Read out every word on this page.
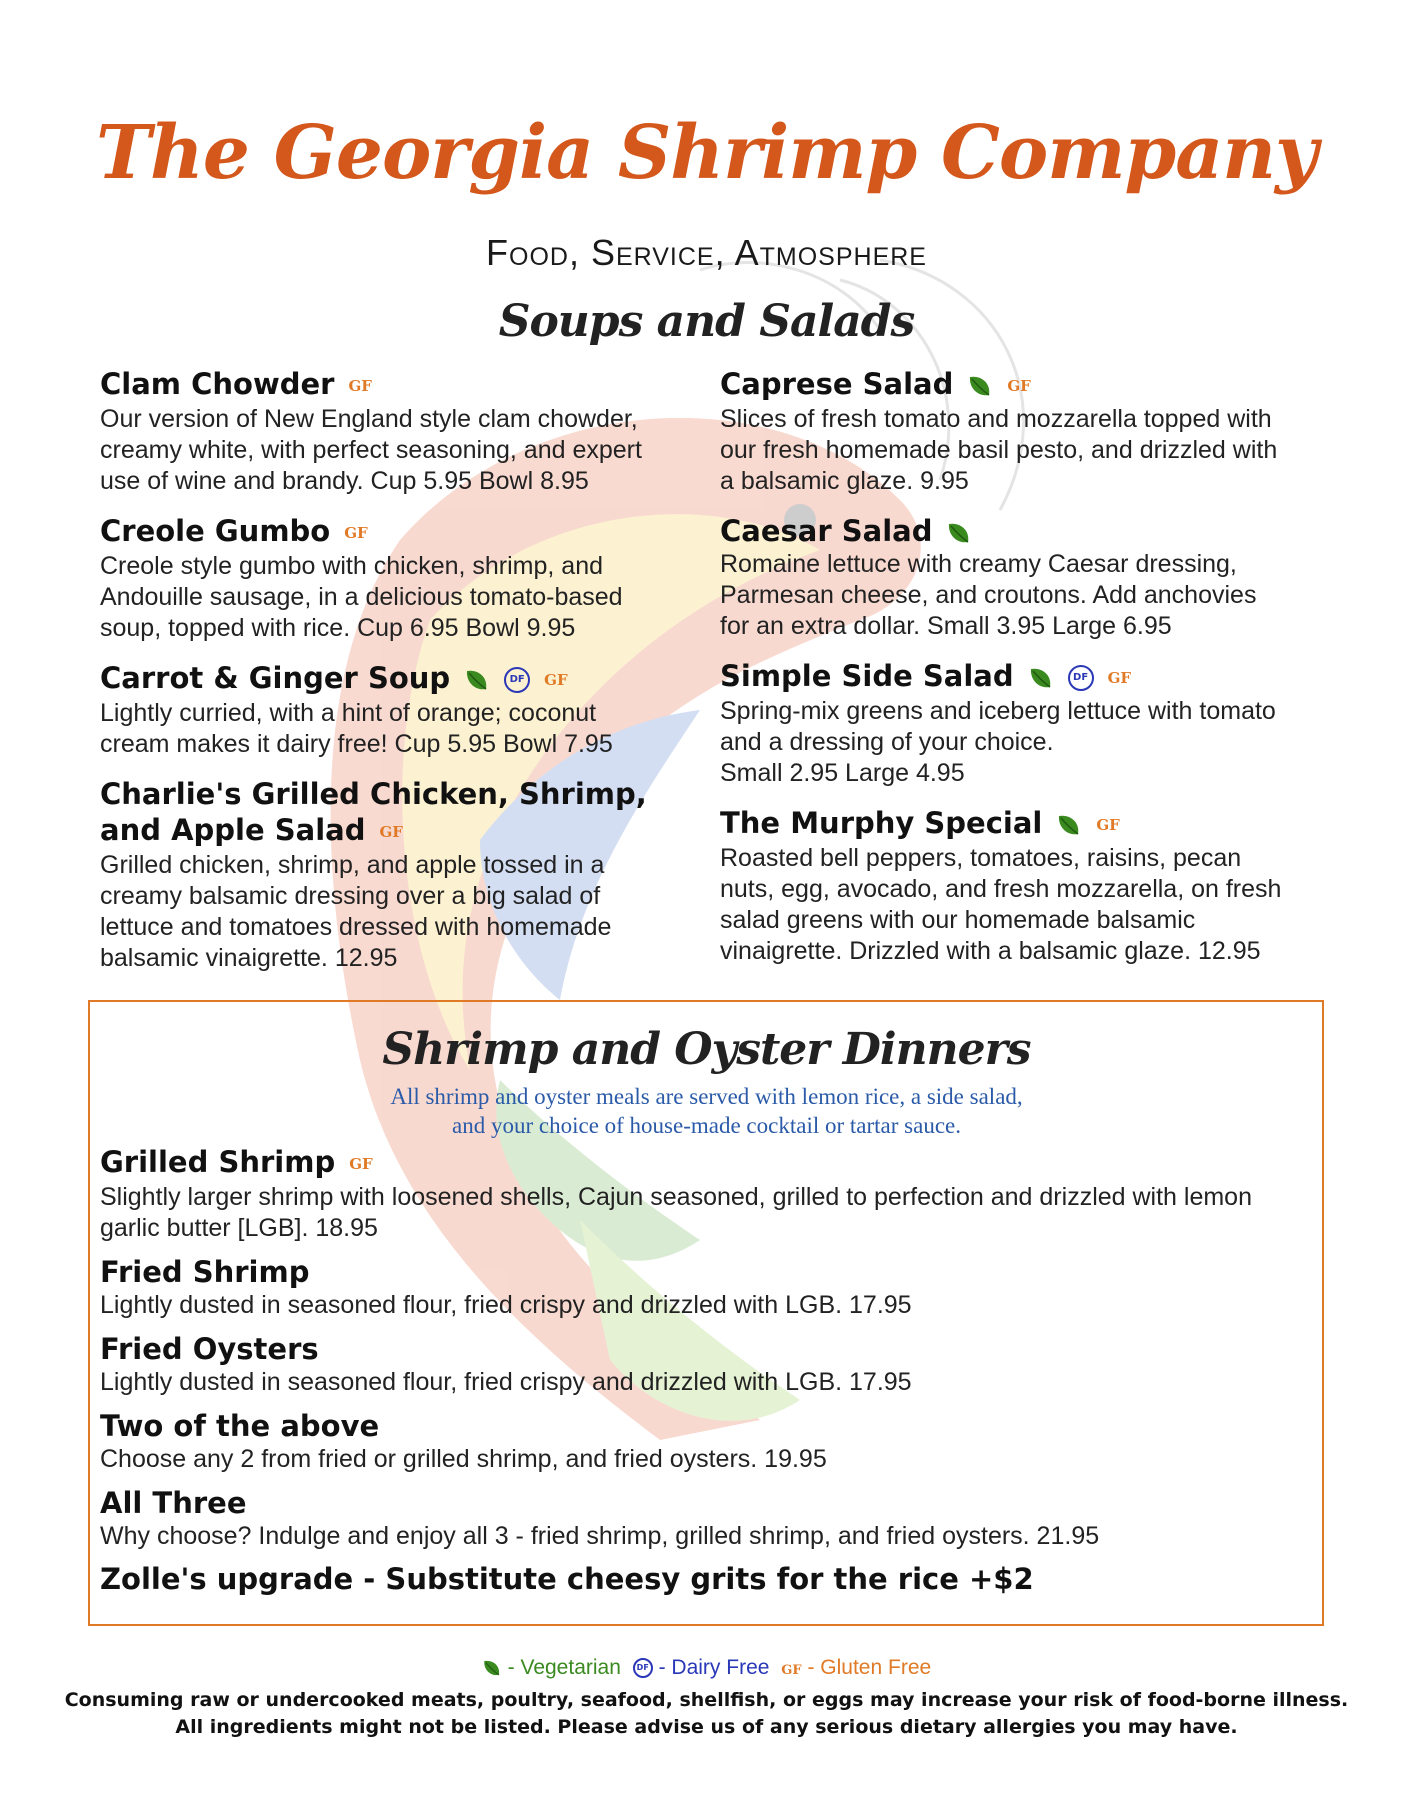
The Georgia Shrimp Company
Food, Service, Atmosphere
Soups and Salads
Clam Chowder GF
Our version of New England style clam chowder,
creamy white, with perfect seasoning, and expert
use of wine and brandy. Cup 5.95 Bowl 8.95
Creole Gumbo GF
Creole style gumbo with chicken, shrimp, and
Andouille sausage, in a delicious tomato-based
soup, topped with rice. Cup 6.95 Bowl 9.95
Carrot & Ginger Soup	DF GF
Lightly curried, with a hint of orange; coconut
cream makes it dairy free! Cup 5.95 Bowl 7.95
Charlie's Grilled Chicken, Shrimp,
and Apple Salad GF
Grilled chicken, shrimp, and apple tossed in a
creamy balsamic dressing over a big salad of
lettuce and tomatoes dressed with homemade
balsamic vinaigrette. 12.95
Caprese Salad	GF
Slices of fresh tomato and mozzarella topped with
our fresh homemade basil pesto, and drizzled with
a balsamic glaze. 9.95
Caesar Salad
Romaine lettuce with creamy Caesar dressing,
Parmesan cheese, and croutons. Add anchovies
for an extra dollar. Small 3.95 Large 6.95
Simple Side Salad	DF GF
Spring-mix greens and iceberg lettuce with tomato
and a dressing of your choice.
Small 2.95 Large 4.95
The Murphy Special	GF
Roasted bell peppers, tomatoes, raisins, pecan
nuts, egg, avocado, and fresh mozzarella, on fresh
salad greens with our homemade balsamic
vinaigrette. Drizzled with a balsamic glaze. 12.95
Shrimp and Oyster Dinners
All shrimp and oyster meals are served with lemon rice, a side salad,
and your choice of house-made cocktail or tartar sauce.
Grilled Shrimp GF
Slightly larger shrimp with loosened shells, Cajun seasoned, grilled to perfection and drizzled with lemon
garlic butter [LGB]. 18.95
Fried Shrimp
Lightly dusted in seasoned flour, fried crispy and drizzled with LGB. 17.95
Fried Oysters
Lightly dusted in seasoned flour, fried crispy and drizzled with LGB. 17.95
Two of the above
Choose any 2 from fried or grilled shrimp, and fried oysters. 19.95
All Three
Why choose? Indulge and enjoy all 3 - fried shrimp, grilled shrimp, and fried oysters. 21.95
Zolle's upgrade - Substitute cheesy grits for the rice +$2
- Vegetarian DF - Dairy Free GF - Gluten Free
Consuming raw or undercooked meats, poultry, seafood, shellfish, or eggs may increase your risk of food-borne illness.
All ingredients might not be listed. Please advise us of any serious dietary allergies you may have.
